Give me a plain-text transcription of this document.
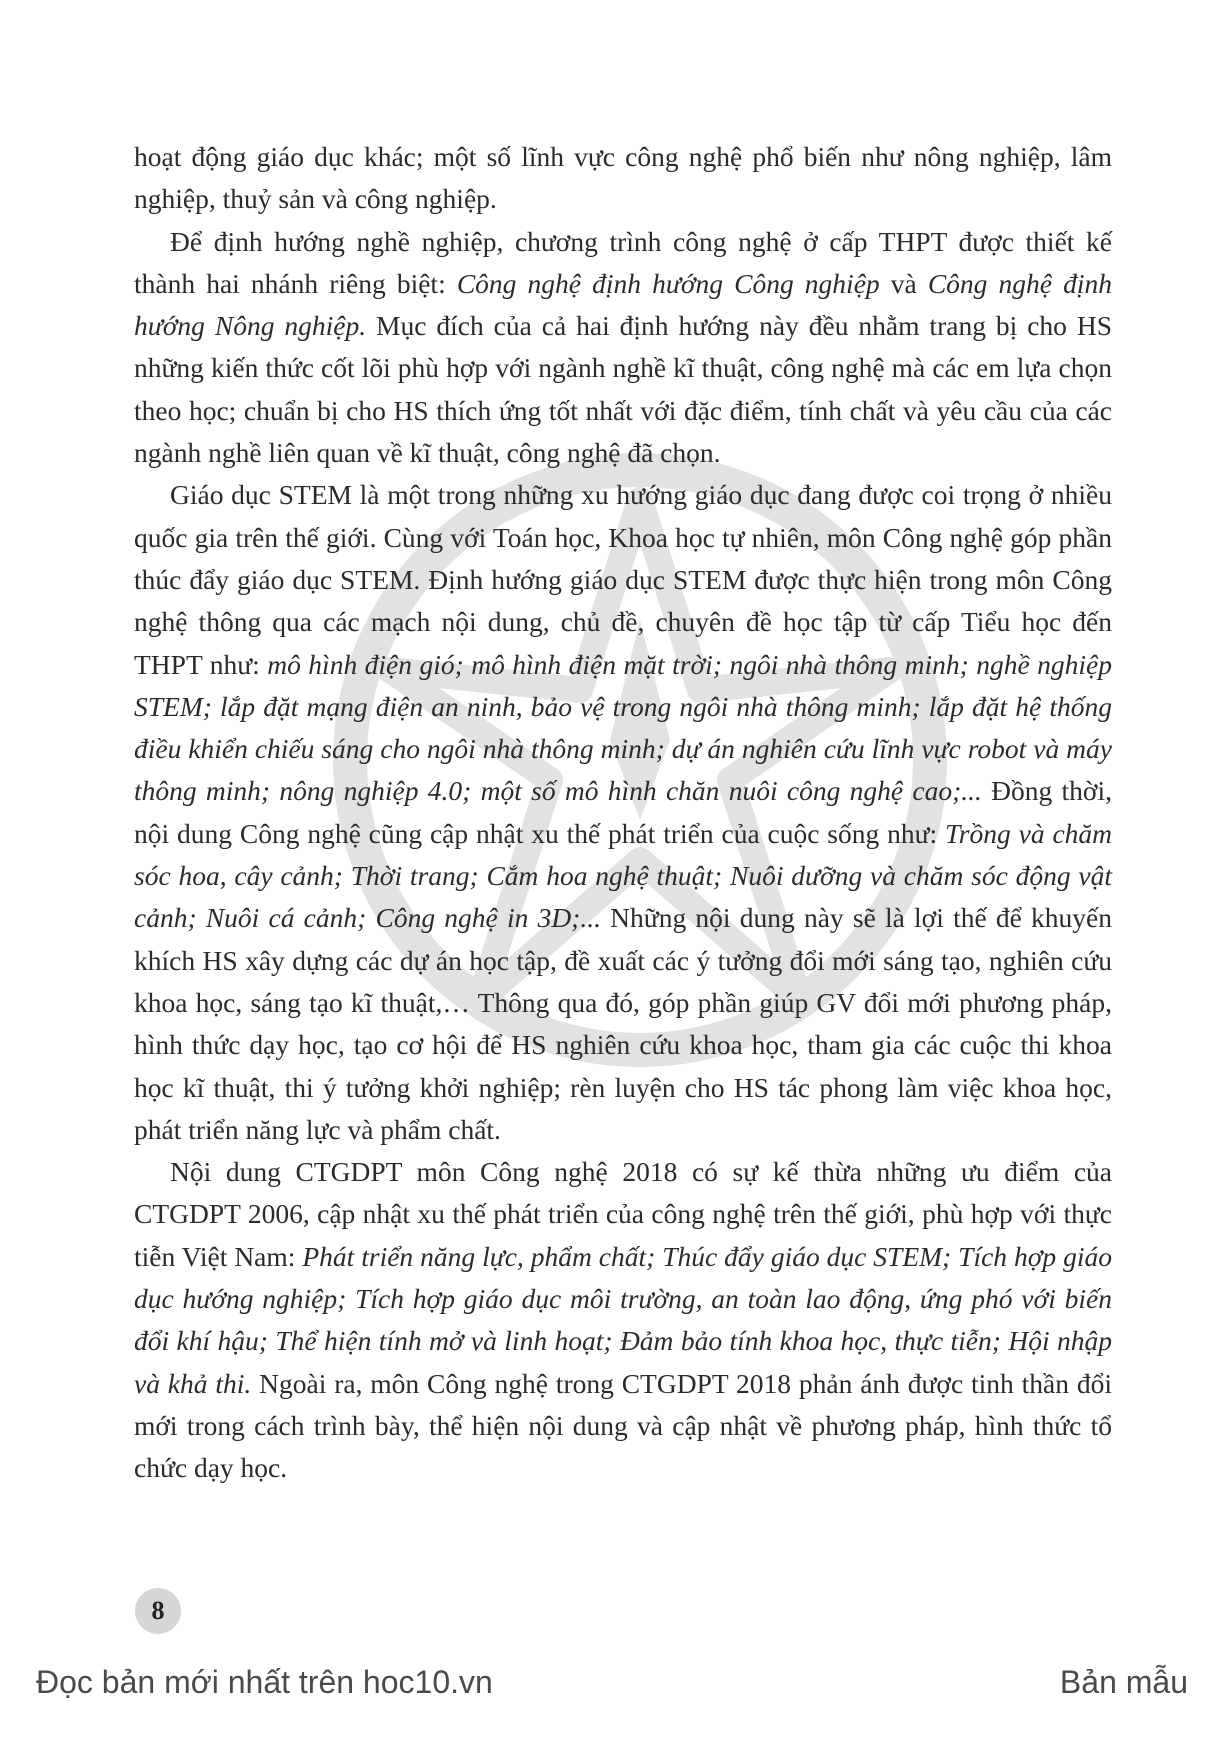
hoạt động giáo dục khác; một số lĩnh vực công nghệ phổ biến như nông nghiệp, lâm nghiệp, thuỷ sản và công nghiệp.

Để định hướng nghề nghiệp, chương trình công nghệ ở cấp THPT được thiết kế thành hai nhánh riêng biệt: Công nghệ định hướng Công nghiệp và Công nghệ định hướng Nông nghiệp. Mục đích của cả hai định hướng này đều nhằm trang bị cho HS những kiến thức cốt lõi phù hợp với ngành nghề kĩ thuật, công nghệ mà các em lựa chọn theo học; chuẩn bị cho HS thích ứng tốt nhất với đặc điểm, tính chất và yêu cầu của các ngành nghề liên quan về kĩ thuật, công nghệ đã chọn.

Giáo dục STEM là một trong những xu hướng giáo dục đang được coi trọng ở nhiều quốc gia trên thế giới. Cùng với Toán học, Khoa học tự nhiên, môn Công nghệ góp phần thúc đẩy giáo dục STEM. Định hướng giáo dục STEM được thực hiện trong môn Công nghệ thông qua các mạch nội dung, chủ đề, chuyên đề học tập từ cấp Tiểu học đến THPT như: mô hình điện gió; mô hình điện mặt trời; ngôi nhà thông minh; nghề nghiệp STEM; lắp đặt mạng điện an ninh, bảo vệ trong ngôi nhà thông minh; lắp đặt hệ thống điều khiển chiếu sáng cho ngôi nhà thông minh; dự án nghiên cứu lĩnh vực robot và máy thông minh; nông nghiệp 4.0; một số mô hình chăn nuôi công nghệ cao;... Đồng thời, nội dung Công nghệ cũng cập nhật xu thế phát triển của cuộc sống như: Trồng và chăm sóc hoa, cây cảnh; Thời trang; Cắm hoa nghệ thuật; Nuôi dưỡng và chăm sóc động vật cảnh; Nuôi cá cảnh; Công nghệ in 3D;... Những nội dung này sẽ là lợi thế để khuyến khích HS xây dựng các dự án học tập, đề xuất các ý tưởng đổi mới sáng tạo, nghiên cứu khoa học, sáng tạo kĩ thuật,… Thông qua đó, góp phần giúp GV đổi mới phương pháp, hình thức dạy học, tạo cơ hội để HS nghiên cứu khoa học, tham gia các cuộc thi khoa học kĩ thuật, thi ý tưởng khởi nghiệp; rèn luyện cho HS tác phong làm việc khoa học, phát triển năng lực và phẩm chất.

Nội dung CTGDPT môn Công nghệ 2018 có sự kế thừa những ưu điểm của CTGDPT 2006, cập nhật xu thế phát triển của công nghệ trên thế giới, phù hợp với thực tiễn Việt Nam: Phát triển năng lực, phẩm chất; Thúc đẩy giáo dục STEM; Tích hợp giáo dục hướng nghiệp; Tích hợp giáo dục môi trường, an toàn lao động, ứng phó với biến đổi khí hậu; Thể hiện tính mở và linh hoạt; Đảm bảo tính khoa học, thực tiễn; Hội nhập và khả thi. Ngoài ra, môn Công nghệ trong CTGDPT 2018 phản ánh được tinh thần đổi mới trong cách trình bày, thể hiện nội dung và cập nhật về phương pháp, hình thức tổ chức dạy học.

8
Đọc bản mới nhất trên hoc10.vn	Bản mẫu
